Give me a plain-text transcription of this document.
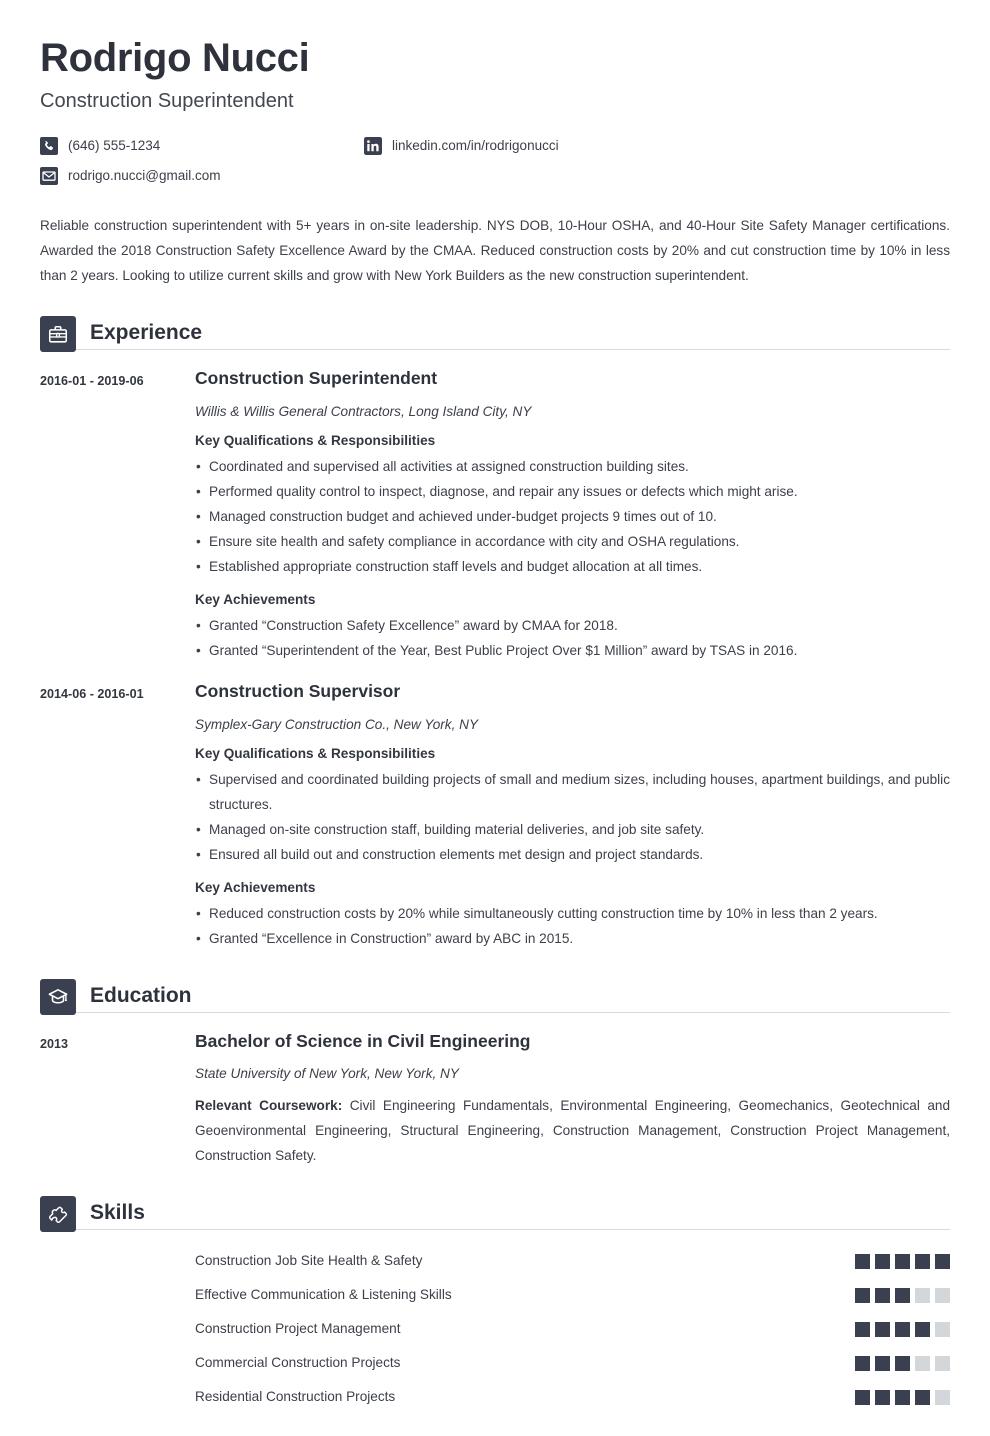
Rodrigo Nucci
Construction Superintendent
(646) 555-1234
rodrigo.nucci@gmail.com
linkedin.com/in/rodrigonucci

Reliable construction superintendent with 5+ years in on-site leadership. NYS DOB, 10-Hour OSHA, and 40-Hour Site Safety Manager certifications. Awarded the 2018 Construction Safety Excellence Award by the CMAA. Reduced construction costs by 20% and cut construction time by 10% in less than 2 years. Looking to utilize current skills and grow with New York Builders as the new construction superintendent.

Experience
2016-01 - 2019-06	Construction Superintendent
Willis & Willis General Contractors, Long Island City, NY
Key Qualifications & Responsibilities
• Coordinated and supervised all activities at assigned construction building sites.
• Performed quality control to inspect, diagnose, and repair any issues or defects which might arise.
• Managed construction budget and achieved under-budget projects 9 times out of 10.
• Ensure site health and safety compliance in accordance with city and OSHA regulations.
• Established appropriate construction staff levels and budget allocation at all times.
Key Achievements
• Granted “Construction Safety Excellence” award by CMAA for 2018.
• Granted “Superintendent of the Year, Best Public Project Over $1 Million” award by TSAS in 2016.
2014-06 - 2016-01	Construction Supervisor
Symplex-Gary Construction Co., New York, NY
Key Qualifications & Responsibilities
• Supervised and coordinated building projects of small and medium sizes, including houses, apartment buildings, and public structures.
• Managed on-site construction staff, building material deliveries, and job site safety.
• Ensured all build out and construction elements met design and project standards.
Key Achievements
• Reduced construction costs by 20% while simultaneously cutting construction time by 10% in less than 2 years.
• Granted “Excellence in Construction” award by ABC in 2015.
Education
2013	Bachelor of Science in Civil Engineering
State University of New York, New York, NY
Relevant Coursework: Civil Engineering Fundamentals, Environmental Engineering, Geomechanics, Geotechnical and Geoenvironmental Engineering, Structural Engineering, Construction Management, Construction Project Management, Construction Safety.
Skills
Construction Job Site Health & Safety
Effective Communication & Listening Skills
Construction Project Management
Commercial Construction Projects
Residential Construction Projects
